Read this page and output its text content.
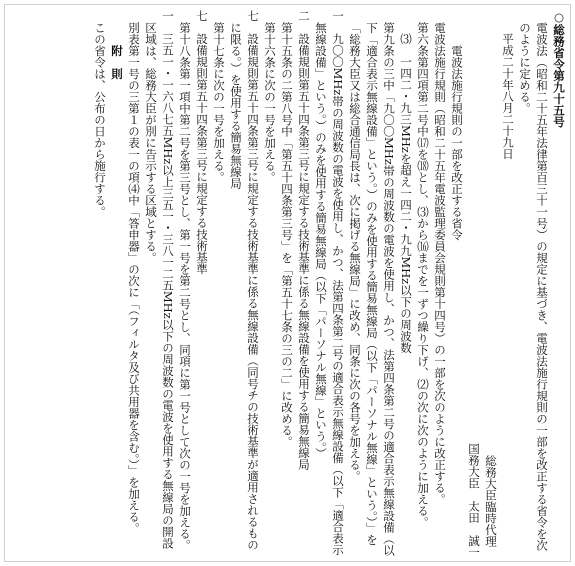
○総務省令第九十五号
電波法（昭和二十五年法律第百三十一号）の規定に基づき、電波法施行規則の一部を改正する省令を次のように定める。
平成二十年八月二十九日
総務大臣臨時代理
国務大臣　太田　誠一
電波法施行規則の一部を改正する省令
電波法施行規則（昭和二十五年電波監理委員会規則第十四号）の一部を次のように改正する。
第六条第四項第二号中⒄を⒅とし、⑶から⒃までを一ずつ繰り下げ、⑵の次に次のように加える。
⑶　一四二・九三MHzを超え一四二・九九MHz以下の周波数
第九条の三中「九〇〇MHz帯の周波数の電波を使用し、かつ、法第四条第二号の適合表示無線設備（以下「適合表示無線設備」という。）のみを使用する簡易無線局（以下「パーソナル無線」という。）」を「総務大臣又は総合通信局長は、次に掲げる無線局」に改め、同条に次の各号を加える。
一　九〇〇MHz帯の周波数の電波を使用し、かつ、法第四条第二号の適合表示無線設備（以下「適合表示無線設備」という。）のみを使用する簡易無線局（以下「パーソナル無線」という。）
二　設備規則第五十四条第三号に規定する技術基準に係る無線設備を使用する簡易無線局
第十五条の二第八号中「第五十四条第三号」を「第五十七条の三の二」に改める。
第十六条に次の一号を加える。
七　設備規則第五十四条第三号に規定する技術基準に係る無線設備（同号チの技術基準が適用されるものに限る。）を使用する簡易無線局
第十七条に次の一号を加える。
七　設備規則第五十四条第三号に規定する技術基準
第十八条第一項中第二号を第三号とし、第一号を第二号とし、同項に第一号として次の一号を加える。
一　三五一・一六八七五MHz以上三五一・三八一二五MHz以下の周波数の電波を使用する無線局の開設区域は、総務大臣が別に告示する区域とする。
別表第一号の三第１の表一の項⑷中「答申器」の次に「（フィルタ及び共用器を含む。）」を加える。
附　則
この省令は、公布の日から施行する。
